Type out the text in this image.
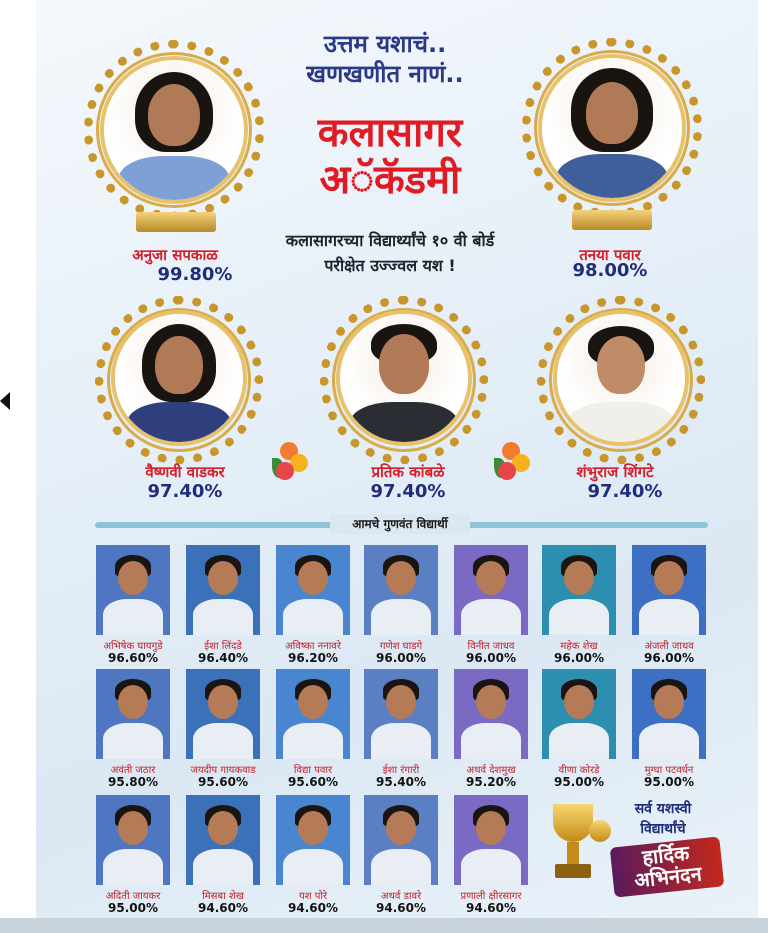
उत्तम यशाचं..
खणखणीत नाणं..
कलासागर
अॅकॅडमी
कलासागरच्या विद्यार्थ्यांचे १० वी बोर्ड
परीक्षेत उज्ज्वल यश !
अनुजा सपकाळ
99.80%
तनया पवार
98.00%
वैष्णवी वाडकर
97.40%
प्रतिक कांबळे
97.40%
शंभुराज शिंगटे
97.40%
आमचे गुणवंत विद्यार्थी
अभिषेक घायगुडे
96.60%
ईशा लिंदडे
96.40%
अविष्का ननावरे
96.20%
गणेश घाडगे
96.00%
विनीत जाधव
96.00%
महेक शेख
96.00%
अंजली जाधव
96.00%
अवंती जठार
95.80%
जयदीप गायकवाड
95.60%
विद्या पवार
95.60%
ईशा रंगारी
95.40%
अथर्व देशमुख
95.20%
वीणा कोरडे
95.00%
मुग्धा पटवर्धन
95.00%
अदिती जायकर
95.00%
मिसबा शेख
94.60%
यश पोरे
94.60%
अथर्व डावरे
94.60%
प्रणाली क्षीरसागर
94.60%
सर्व यशस्वी
विद्यार्थांचे
हार्दिक अभिनंदन
